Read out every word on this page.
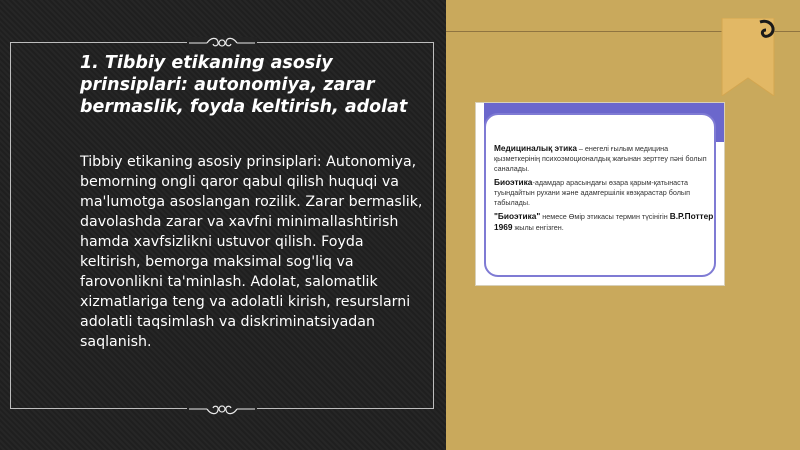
1. Tibbiy etikaning asosiy prinsiplari: autonomiya, zarar bermaslik, foyda keltirish, adolat

Tibbiy etikaning asosiy prinsiplari: Autonomiya, bemorning ongli qaror qabul qilish huquqi va ma'lumotga asoslangan rozilik. Zarar bermaslik, davolashda zarar va xavfni minimallashtirish hamda xavfsizlikni ustuvor qilish. Foyda keltirish, bemorga maksimal sog'liq va farovonlikni ta'minlash. Adolat, salomatlik xizmatlariga teng va adolatli kirish, resurslarni adolatli taqsimlash va diskriminatsiyadan saqlanish.

Медициналық этика – енегелі ғылым медицина қызметкерінің психоэмоционалдық жағынан зерттеу пәні болып саналады.

Биоэтика-адамдар арасындағы өзара қарым-қатынаста туындайтын рухани және адамгершілік көзқарастар болып табылады.

"Биоэтика" немесе Өмір этикасы термин түсінігін В.Р.Поттер 1969 жылы енгізген.
